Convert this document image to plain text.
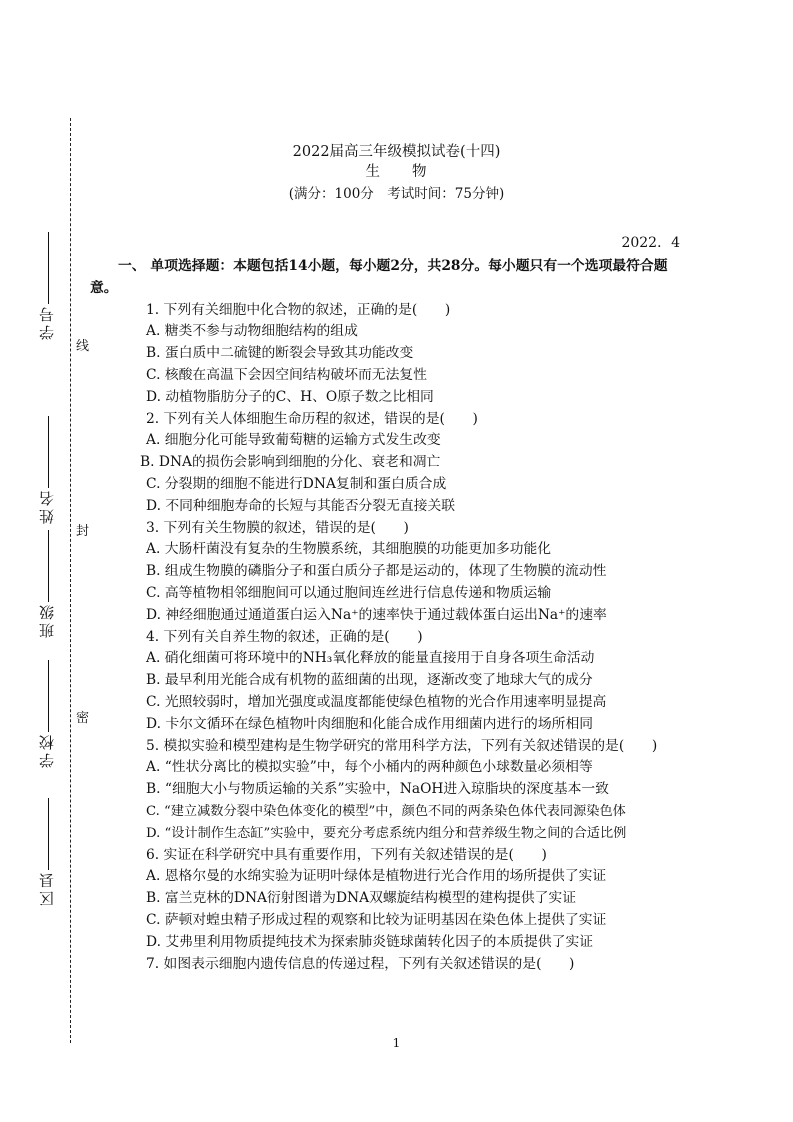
线
封
密
学号
姓名
班级
学校
区县
2022届高三年级模拟试卷(十四)
生　　物
(满分：100分　考试时间：75分钟)
2022．4
一、 单项选择题：本题包括14小题，每小题2分，共28分。每小题只有一个选项最符合题意。
1. 下列有关细胞中化合物的叙述，正确的是(　　)
A. 糖类不参与动物细胞结构的组成
B. 蛋白质中二硫键的断裂会导致其功能改变
C. 核酸在高温下会因空间结构破坏而无法复性
D. 动植物脂肪分子的C、H、O原子数之比相同
2. 下列有关人体细胞生命历程的叙述，错误的是(　　)
A. 细胞分化可能导致葡萄糖的运输方式发生改变
B. DNA的损伤会影响到细胞的分化、衰老和凋亡
C. 分裂期的细胞不能进行DNA复制和蛋白质合成
D. 不同种细胞寿命的长短与其能否分裂无直接关联
3. 下列有关生物膜的叙述，错误的是(　　)
A. 大肠杆菌没有复杂的生物膜系统，其细胞膜的功能更加多功能化
B. 组成生物膜的磷脂分子和蛋白质分子都是运动的，体现了生物膜的流动性
C. 高等植物相邻细胞间可以通过胞间连丝进行信息传递和物质运输
D. 神经细胞通过通道蛋白运入Na⁺的速率快于通过载体蛋白运出Na⁺的速率
4. 下列有关自养生物的叙述，正确的是(　　)
A. 硝化细菌可将环境中的NH₃氧化释放的能量直接用于自身各项生命活动
B. 最早利用光能合成有机物的蓝细菌的出现，逐渐改变了地球大气的成分
C. 光照较弱时，增加光强度或温度都能使绿色植物的光合作用速率明显提高
D. 卡尔文循环在绿色植物叶肉细胞和化能合成作用细菌内进行的场所相同
5. 模拟实验和模型建构是生物学研究的常用科学方法，下列有关叙述错误的是(　　)
A. “性状分离比的模拟实验”中，每个小桶内的两种颜色小球数量必须相等
B. “细胞大小与物质运输的关系”实验中，NaOH进入琼脂块的深度基本一致
C. “建立减数分裂中染色体变化的模型”中，颜色不同的两条染色体代表同源染色体
D. “设计制作生态缸”实验中，要充分考虑系统内组分和营养级生物之间的合适比例
6. 实证在科学研究中具有重要作用，下列有关叙述错误的是(　　)
A. 恩格尔曼的水绵实验为证明叶绿体是植物进行光合作用的场所提供了实证
B. 富兰克林的DNA衍射图谱为DNA双螺旋结构模型的建构提供了实证
C. 萨顿对蝗虫精子形成过程的观察和比较为证明基因在染色体上提供了实证
D. 艾弗里利用物质提纯技术为探索肺炎链球菌转化因子的本质提供了实证
7. 如图表示细胞内遗传信息的传递过程，下列有关叙述错误的是(　　)
1
